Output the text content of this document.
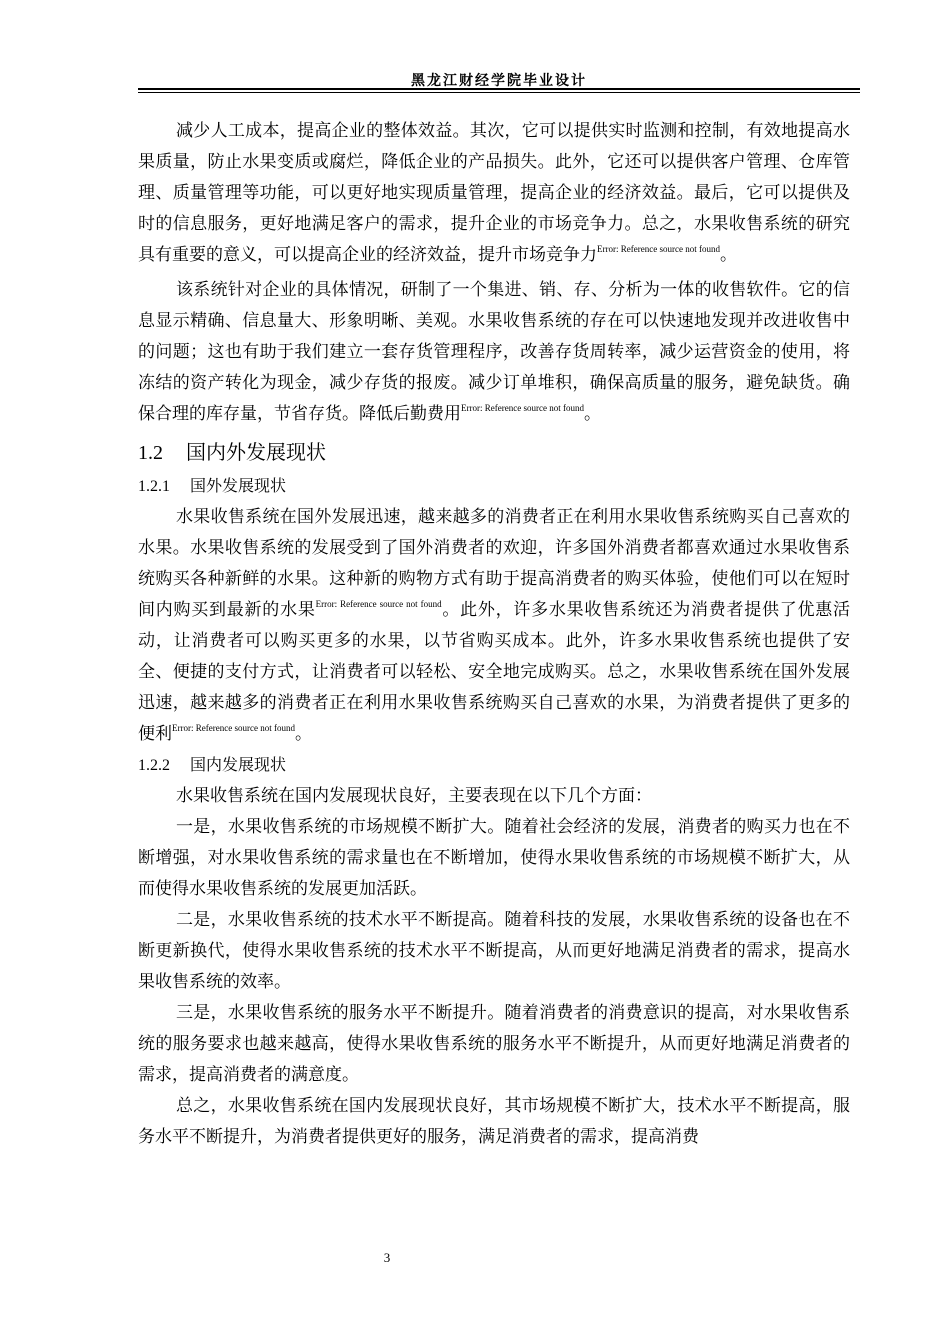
黑龙江财经学院毕业设计

减少人工成本，提高企业的整体效益。其次，它可以提供实时监测和控制，有效地提高水果质量，防止水果变质或腐烂，降低企业的产品损失。此外，它还可以提供客户管理、仓库管理、质量管理等功能，可以更好地实现质量管理，提高企业的经济效益。最后，它可以提供及时的信息服务，更好地满足客户的需求，提升企业的市场竞争力。总之，水果收售系统的研究具有重要的意义，可以提高企业的经济效益，提升市场竞争力$^{Error: Reference source not found}$。

该系统针对企业的具体情况，研制了一个集进、销、存、分析为一体的收售软件。它的信息显示精确、信息量大、形象明晰、美观。水果收售系统的存在可以快速地发现并改进收售中的问题；这也有助于我们建立一套存货管理程序，改善存货周转率，减少运营资金的使用，将冻结的资产转化为现金，减少存货的报废。减少订单堆积，确保高质量的服务，避免缺货。确保合理的库存量，节省存货。降低后勤费用$^{Error: Reference source not found}$。

1.2 国内外发展现状
1.2.1 国外发展现状

水果收售系统在国外发展迅速，越来越多的消费者正在利用水果收售系统购买自己喜欢的水果。水果收售系统的发展受到了国外消费者的欢迎，许多国外消费者都喜欢通过水果收售系统购买各种新鲜的水果。这种新的购物方式有助于提高消费者的购买体验，使他们可以在短时间内购买到最新的水果$^{Error: Reference source not found}$。此外，许多水果收售系统还为消费者提供了优惠活动，让消费者可以购买更多的水果，以节省购买成本。此外，许多水果收售系统也提供了安全、便捷的支付方式，让消费者可以轻松、安全地完成购买。总之，水果收售系统在国外发展迅速，越来越多的消费者正在利用水果收售系统购买自己喜欢的水果，为消费者提供了更多的便利$^{Error: Reference source not found}$。

1.2.2 国内发展现状

水果收售系统在国内发展现状良好，主要表现在以下几个方面：

一是，水果收售系统的市场规模不断扩大。随着社会经济的发展，消费者的购买力也在不断增强，对水果收售系统的需求量也在不断增加，使得水果收售系统的市场规模不断扩大，从而使得水果收售系统的发展更加活跃。

二是，水果收售系统的技术水平不断提高。随着科技的发展，水果收售系统的设备也在不断更新换代，使得水果收售系统的技术水平不断提高，从而更好地满足消费者的需求，提高水果收售系统的效率。

三是，水果收售系统的服务水平不断提升。随着消费者的消费意识的提高，对水果收售系统的服务要求也越来越高，使得水果收售系统的服务水平不断提升，从而更好地满足消费者的需求，提高消费者的满意度。

总之，水果收售系统在国内发展现状良好，其市场规模不断扩大，技术水平不断提高，服务水平不断提升，为消费者提供更好的服务，满足消费者的需求，提高消费

3
